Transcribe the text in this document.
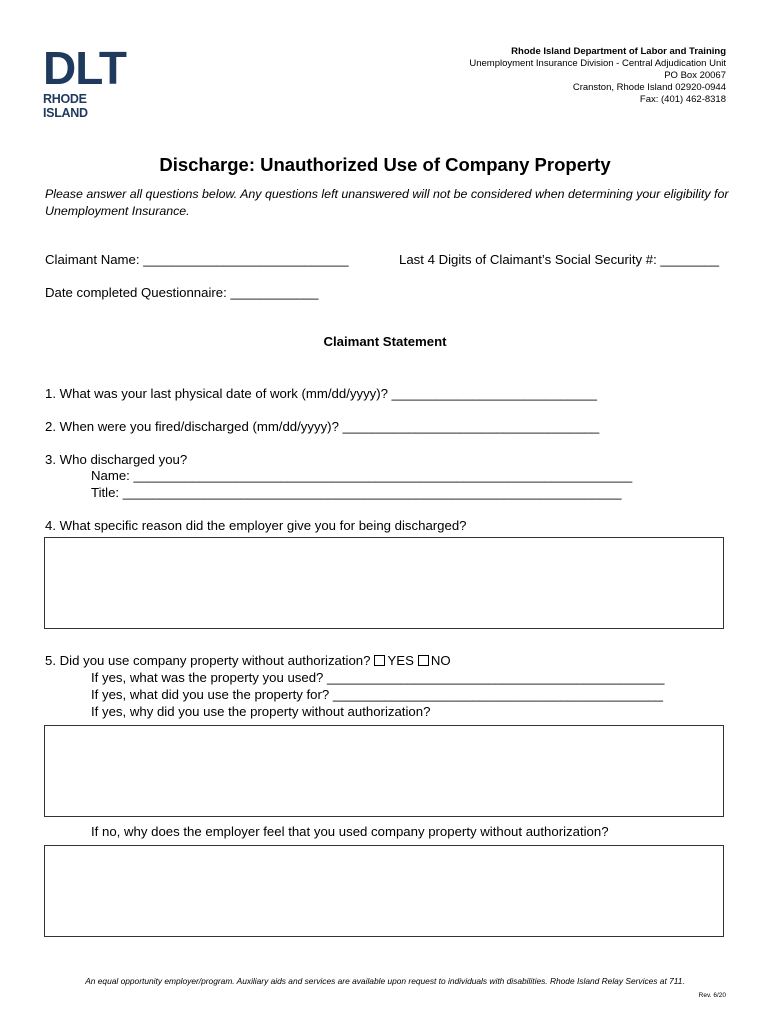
DLT
RHODE ISLAND
Rhode Island Department of Labor and Training
Unemployment Insurance Division - Central Adjudication Unit
PO Box 20067
Cranston, Rhode Island 02920-0944
Fax: (401) 462-8318
Discharge: Unauthorized Use of Company Property
Please answer all questions below. Any questions left unanswered will not be considered when determining your eligibility for Unemployment Insurance.
Claimant Name: ____________________________	Last 4 Digits of Claimant’s Social Security #: ________
Date completed Questionnaire: ____________
Claimant Statement
1. What was your last physical date of work (mm/dd/yyyy)? ____________________________
2. When were you fired/discharged (mm/dd/yyyy)? ___________________________________
3. Who discharged you?
Name: ____________________________________________________________________
Title: ____________________________________________________________________
4. What specific reason did the employer give you for being discharged?
5. Did you use company property without authorization? YES NO
If yes, what was the property you used? ______________________________________________
If yes, what did you use the property for? _____________________________________________
If yes, why did you use the property without authorization?
If no, why does the employer feel that you used company property without authorization?
An equal opportunity employer/program. Auxiliary aids and services are available upon request to individuals with disabilities. Rhode Island Relay Services at 711.
Rev. 6/20
